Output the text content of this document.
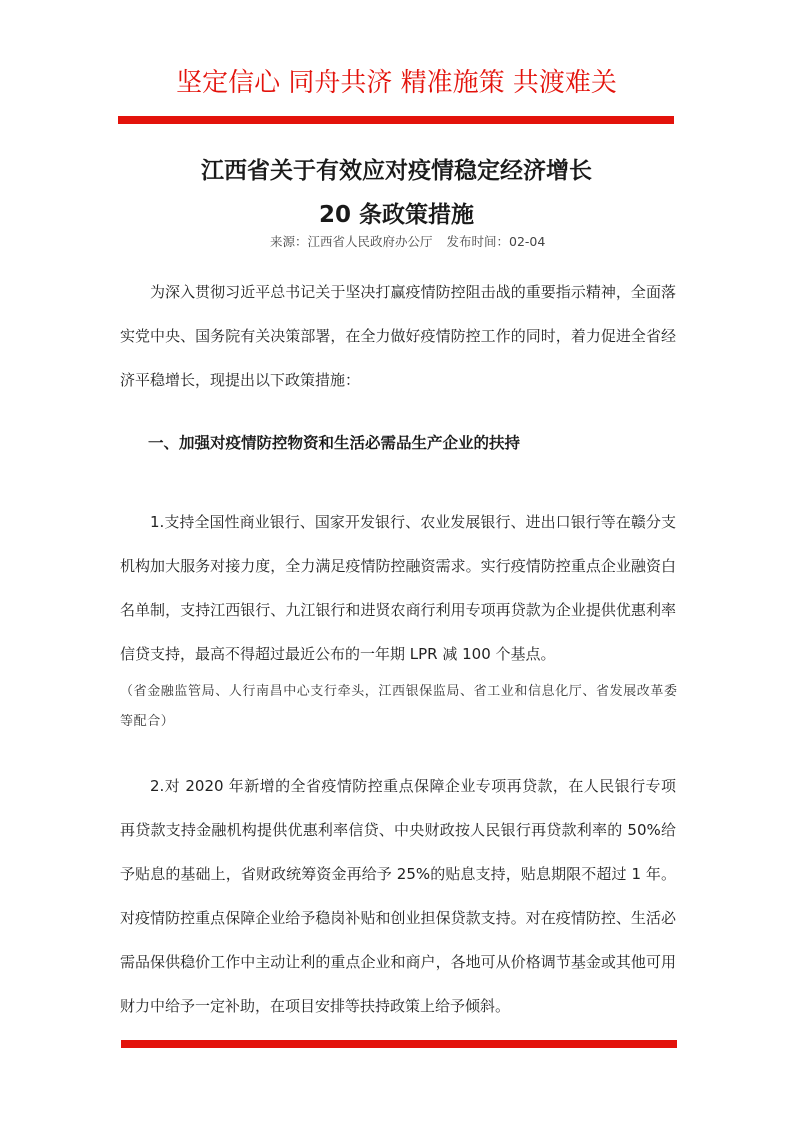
坚定信心 同舟共济 精准施策 共渡难关
江西省关于有效应对疫情稳定经济增长
20 条政策措施
来源：江西省人民政府办公厅 发布时间：02-04
为深入贯彻习近平总书记关于坚决打赢疫情防控阻击战的重要指示精神，全面落实党中央、国务院有关决策部署，在全力做好疫情防控工作的同时，着力促进全省经济平稳增长，现提出以下政策措施：
一、加强对疫情防控物资和生活必需品生产企业的扶持
1.支持全国性商业银行、国家开发银行、农业发展银行、进出口银行等在赣分支机构加大服务对接力度，全力满足疫情防控融资需求。实行疫情防控重点企业融资白名单制，支持江西银行、九江银行和进贤农商行利用专项再贷款为企业提供优惠利率信贷支持，最高不得超过最近公布的一年期 LPR 减 100 个基点。
（省金融监管局、人行南昌中心支行牵头，江西银保监局、省工业和信息化厅、省发展改革委等配合）
2.对 2020 年新增的全省疫情防控重点保障企业专项再贷款，在人民银行专项再贷款支持金融机构提供优惠利率信贷、中央财政按人民银行再贷款利率的 50%给予贴息的基础上，省财政统筹资金再给予 25%的贴息支持，贴息期限不超过 1 年。对疫情防控重点保障企业给予稳岗补贴和创业担保贷款支持。对在疫情防控、生活必需品保供稳价工作中主动让利的重点企业和商户，各地可从价格调节基金或其他可用财力中给予一定补助，在项目安排等扶持政策上给予倾斜。
